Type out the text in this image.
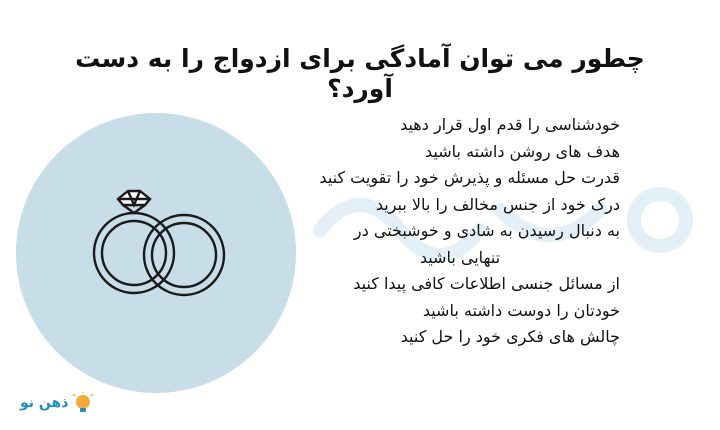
چطور می توان آمادگی برای ازدواج را به دست آورد؟
خودشناسی را قدم اول قرار دهید
هدف های روشن داشته باشید
قدرت حل مسئله و پذیرش خود را تقویت کنید
درک خود از جنس مخالف را بالا ببرید
به دنبال رسیدن به شادی و خوشبختی در
تنهایی باشید
از مسائل جنسی اطلاعات کافی پیدا کنید
خودتان را دوست داشته باشید
چالش های فکری خود را حل کنید
ذهن نو
